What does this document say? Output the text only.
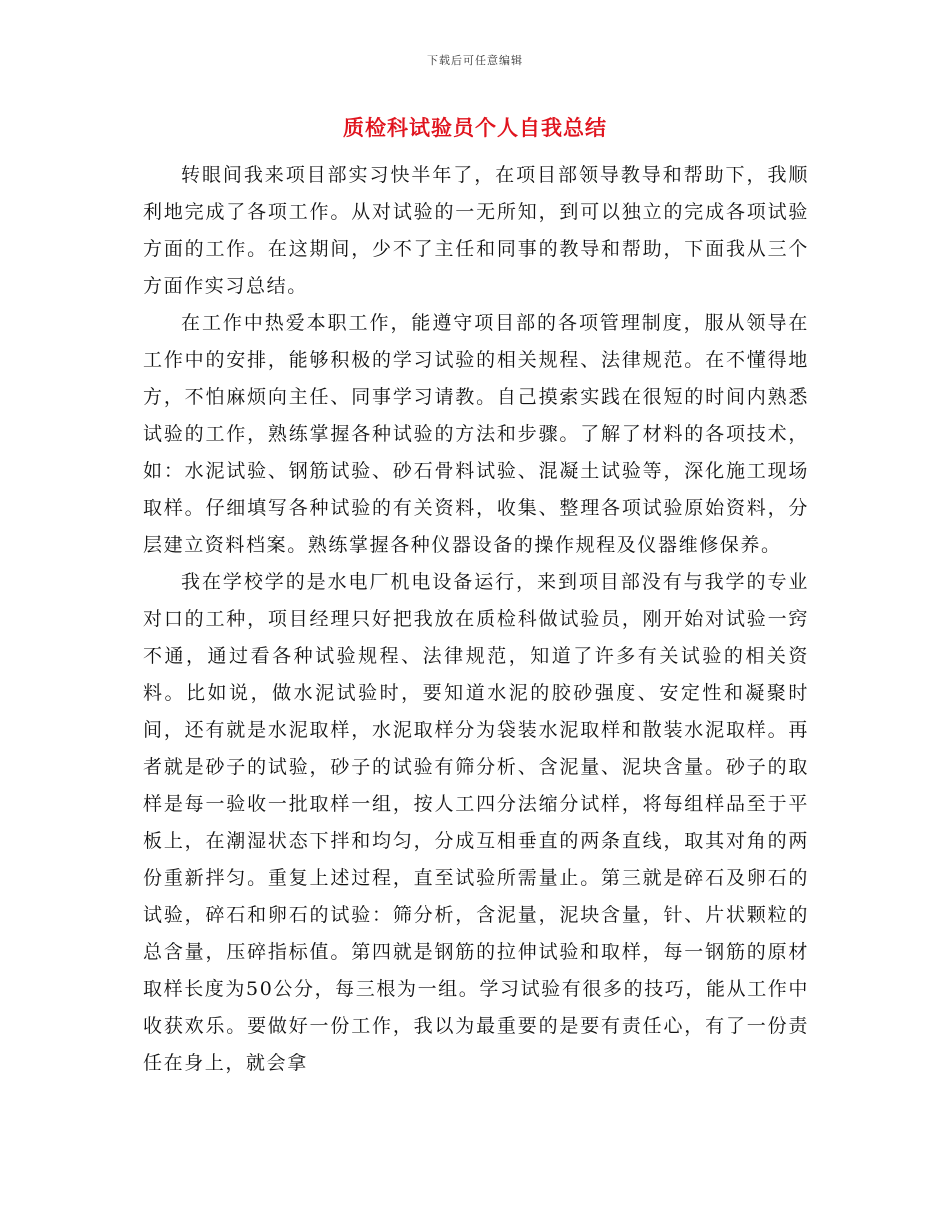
下载后可任意编辑
质检科试验员个人自我总结

转眼间我来项目部实习快半年了，在项目部领导教导和帮助下，我顺利地完成了各项工作。从对试验的一无所知，到可以独立的完成各项试验方面的工作。在这期间，少不了主任和同事的教导和帮助，下面我从三个方面作实习总结。

在工作中热爱本职工作，能遵守项目部的各项管理制度，服从领导在工作中的安排，能够积极的学习试验的相关规程、法律规范。在不懂得地方，不怕麻烦向主任、同事学习请教。自己摸索实践在很短的时间内熟悉试验的工作，熟练掌握各种试验的方法和步骤。了解了材料的各项技术，如：水泥试验、钢筋试验、砂石骨料试验、混凝土试验等，深化施工现场取样。仔细填写各种试验的有关资料，收集、整理各项试验原始资料，分层建立资料档案。熟练掌握各种仪器设备的操作规程及仪器维修保养。

我在学校学的是水电厂机电设备运行，来到项目部没有与我学的专业对口的工种，项目经理只好把我放在质检科做试验员，刚开始对试验一窍不通，通过看各种试验规程、法律规范，知道了许多有关试验的相关资料。比如说，做水泥试验时，要知道水泥的胶砂强度、安定性和凝聚时间，还有就是水泥取样，水泥取样分为袋装水泥取样和散装水泥取样。再者就是砂子的试验，砂子的试验有筛分析、含泥量、泥块含量。砂子的取样是每一验收一批取样一组，按人工四分法缩分试样，将每组样品至于平板上，在潮湿状态下拌和均匀，分成互相垂直的两条直线，取其对角的两份重新拌匀。重复上述过程，直至试验所需量止。第三就是碎石及卵石的试验，碎石和卵石的试验：筛分析，含泥量，泥块含量，针、片状颗粒的总含量，压碎指标值。第四就是钢筋的拉伸试验和取样，每一钢筋的原材取样长度为50公分，每三根为一组。学习试验有很多的技巧，能从工作中收获欢乐。要做好一份工作，我以为最重要的是要有责任心，有了一份责任在身上，就会拿
